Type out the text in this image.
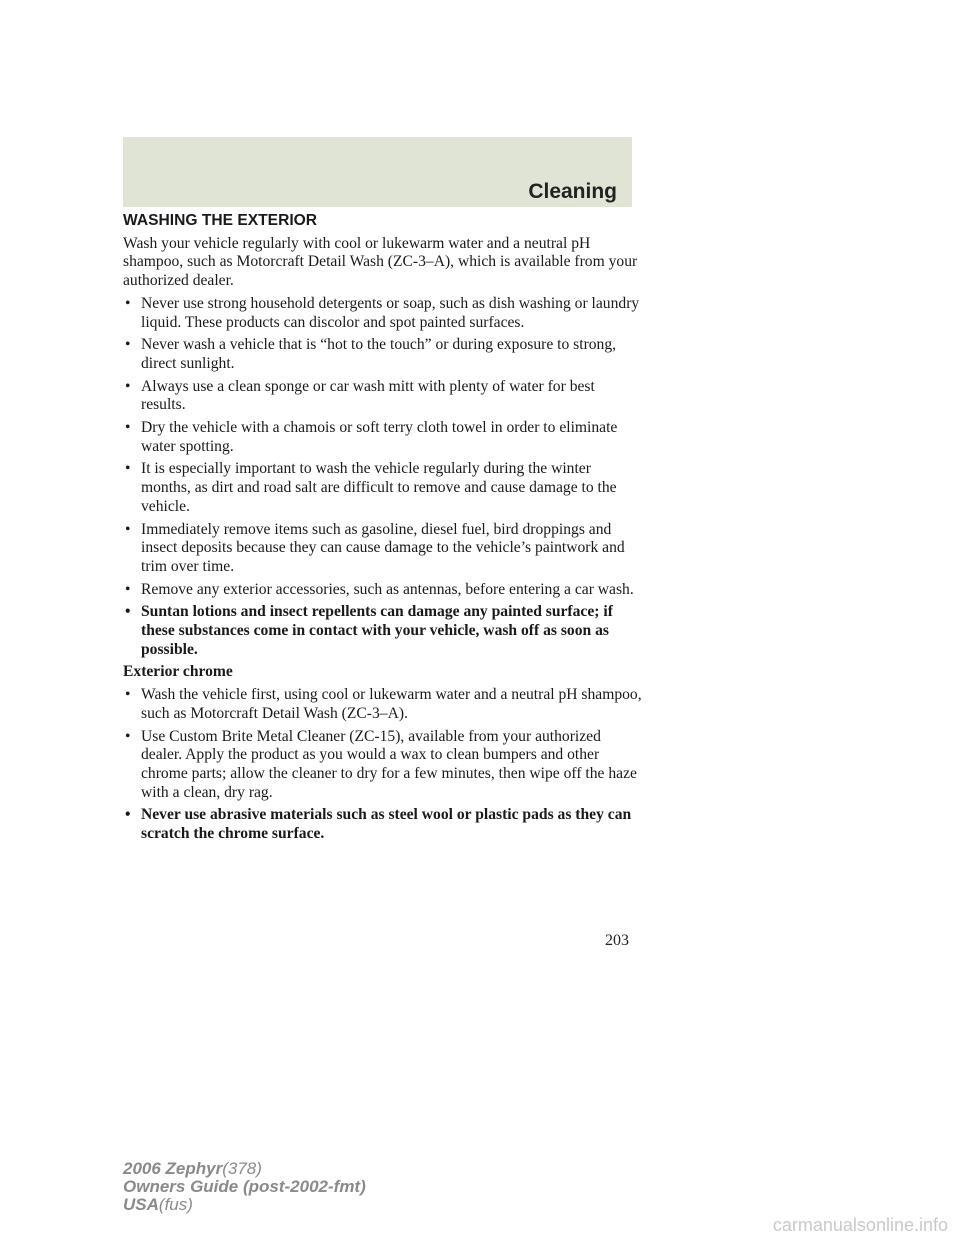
Cleaning
WASHING THE EXTERIOR

Wash your vehicle regularly with cool or lukewarm water and a neutral pH shampoo, such as Motorcraft Detail Wash (ZC-3–A), which is available from your authorized dealer.

• Never use strong household detergents or soap, such as dish washing or laundry liquid. These products can discolor and spot painted surfaces.
• Never wash a vehicle that is “hot to the touch” or during exposure to strong, direct sunlight.
• Always use a clean sponge or car wash mitt with plenty of water for best results.
• Dry the vehicle with a chamois or soft terry cloth towel in order to eliminate water spotting.
• It is especially important to wash the vehicle regularly during the winter months, as dirt and road salt are difficult to remove and cause damage to the vehicle.
• Immediately remove items such as gasoline, diesel fuel, bird droppings and insect deposits because they can cause damage to the vehicle’s paintwork and trim over time.
• Remove any exterior accessories, such as antennas, before entering a car wash.
• Suntan lotions and insect repellents can damage any painted surface; if these substances come in contact with your vehicle, wash off as soon as possible.

Exterior chrome

• Wash the vehicle first, using cool or lukewarm water and a neutral pH shampoo, such as Motorcraft Detail Wash (ZC-3–A).
• Use Custom Brite Metal Cleaner (ZC-15), available from your authorized dealer. Apply the product as you would a wax to clean bumpers and other chrome parts; allow the cleaner to dry for a few minutes, then wipe off the haze with a clean, dry rag.
• Never use abrasive materials such as steel wool or plastic pads as they can scratch the chrome surface.
203
2006 Zephyr(378)
Owners Guide (post-2002-fmt)
USA(fus)
carmanualsonline.info
